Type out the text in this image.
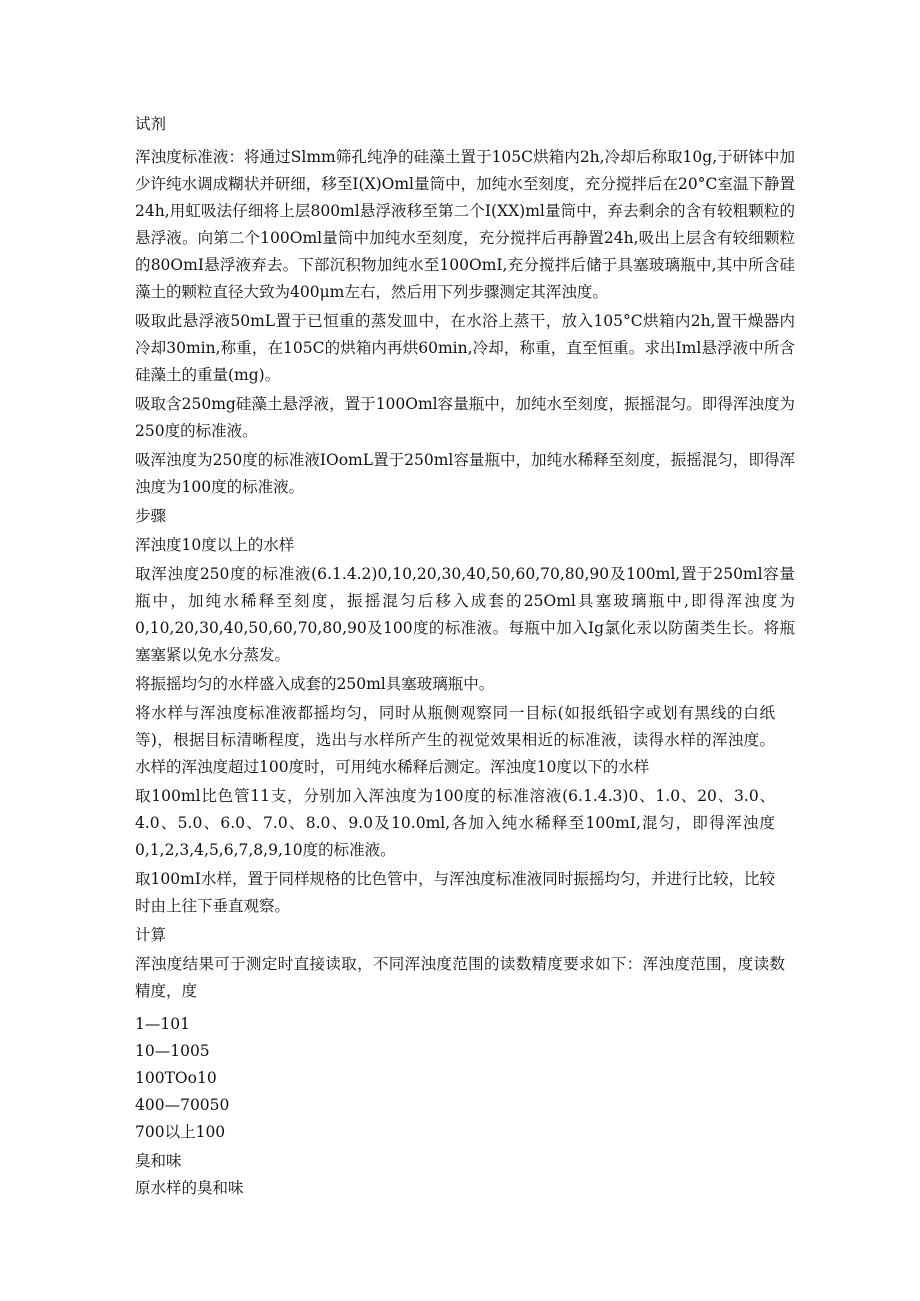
试剂

浑浊度标准液：将通过Slmm筛孔纯净的硅藻土置于105C烘箱内2h,冷却后称取10g,于研钵中加少许纯水调成糊状并研细，移至I(X)Oml量筒中，加纯水至刻度，充分搅拌后在20°C室温下静置24h,用虹吸法仔细将上层800ml悬浮液移至第二个I(XX)ml量筒中，弃去剩余的含有较粗颗粒的悬浮液。向第二个100Oml量筒中加纯水至刻度，充分搅拌后再静置24h,吸出上层含有较细颗粒的80OmI悬浮液弃去。下部沉积物加纯水至100OmI,充分搅拌后储于具塞玻璃瓶中,其中所含硅藻土的颗粒直径大致为400μm左右，然后用下列步骤测定其浑浊度。

吸取此悬浮液50mL置于已恒重的蒸发皿中，在水浴上蒸干，放入105°C烘箱内2h,置干燥器内冷却30min,称重，在105C的烘箱内再烘60min,冷却，称重，直至恒重。求出Iml悬浮液中所含硅藻土的重量(mg)。

吸取含250mg硅藻土悬浮液，置于100Oml容量瓶中，加纯水至刻度，振摇混匀。即得浑浊度为250度的标准液。

吸浑浊度为250度的标准液IOomL置于250ml容量瓶中，加纯水稀释至刻度，振摇混匀，即得浑浊度为100度的标准液。

步骤

浑浊度10度以上的水样

取浑浊度250度的标准液(6.1.4.2)0,10,20,30,40,50,60,70,80,90及100ml,置于250ml容量瓶中，加纯水稀释至刻度，振摇混匀后移入成套的25Oml具塞玻璃瓶中,即得浑浊度为0,10,20,30,40,50,60,70,80,90及100度的标准液。每瓶中加入Ig氯化汞以防菌类生长。将瓶塞塞紧以免水分蒸发。

将振摇均匀的水样盛入成套的250ml具塞玻璃瓶中。

将水样与浑浊度标准液都摇均匀，同时从瓶侧观察同一目标(如报纸铅字或划有黑线的白纸等)，根据目标清晰程度，选出与水样所产生的视觉效果相近的标准液，读得水样的浑浊度。水样的浑浊度超过100度时，可用纯水稀释后测定。浑浊度10度以下的水样

取100ml比色管11支，分别加入浑浊度为100度的标准溶液(6.1.4.3)0、1.0、20、3.0、4.0、5.0、6.0、7.0、8.0、9.0及10.0ml,各加入纯水稀释至100mI,混匀，即得浑浊度0,1,2,3,4,5,6,7,8,9,10度的标准液。

取100mI水样，置于同样规格的比色管中，与浑浊度标准液同时振摇均匀，并进行比较，比较时由上往下垂直观察。

计算

浑浊度结果可于测定时直接读取，不同浑浊度范围的读数精度要求如下：浑浊度范围，度读数精度，度

1—101

10—1005

100TOo10

400—70050

700以上100

臭和味

原水样的臭和味
